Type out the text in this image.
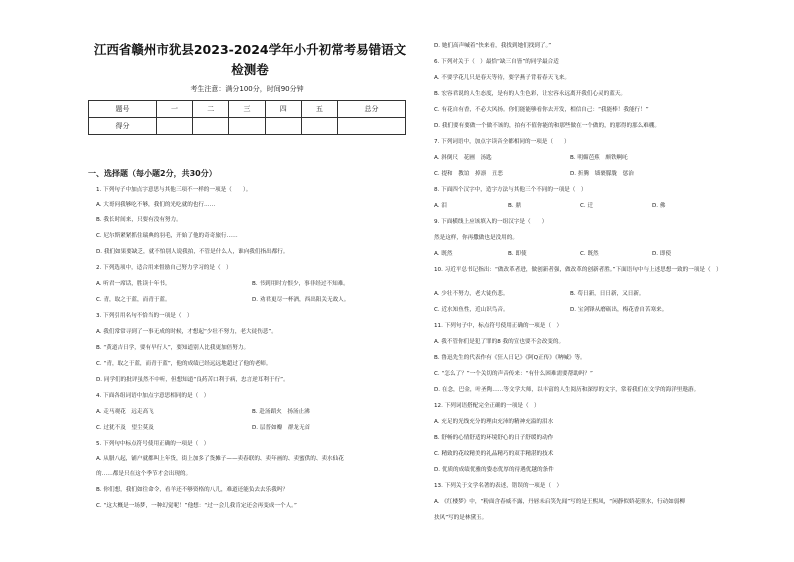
江西省赣州市犹县2023-2024学年小升初常考易错语文检测卷
考生注意：满分100分，时间90分钟
题号	一	二	三	四	五	总分
得分						
一、选择题（每小题2分，共30分）
1. 下列句子中加点字意思与其他三项不一样的一项是（　　）。
A. 大哥问我够吃不够，我们的光吃就的也行……
B. 我长时间来，只要有没有努力。
C. 尼尔斯紧紧抓住瑞典的羽毛，开始了他的奇奇旅行……
D. 我们如果要缺乏，就不怕别人说我拍，不管是什么人，谁向我们指出都行。
2. 下列选项中，适合用来督励自己努力学习的是（　）
A. 听君一席话，胜读十年书。	B. 书到用时方恨少，事非经过不知难。
C. 青，取之于蓝，而青于蓝。	D. 劝君更尽一杯酒，西出阳关无故人。
3. 下列引用名句不恰当的一项是（　）
A. 我们常常寻到了一事无成的时候，才想起“少壮不努力，老大徒伤悲”。
B. “黄道吉日学，要有早行人”，要知道别人比我更加倍努力。
C. “青，取之于蓝，而青于蓝”，他的成绩已经远远地超过了他的老师。
D. 同学们的批评虽然不中听，但想知道“良药苦口利于病，忠言逆耳利于行”。
4. 下面各组词语中加点字意思相同的是（　）
A. 走马观花　远走高飞	B. 赴汤蹈火　扬汤止沸
C. 过犹不及　望尘莫及	D. 层普如瓣　群龙无首
5. 下列句中标点符号使用正确的一项是（　）
A. 从腊八起，铺户就都叫上年货，街上加多了货摊子——卖春联的、卖年画的、卖蜜供的、卖水仙花
的……都是只在这个季节才会出现的。
B. 你们想，我们如往命令，看羊还不够资格的八儿，难道还能负去去乐我吗？
C. “这大概是一场梦，一种幻觉呢！”他想：“过一会儿我肯定还会再变成一个人。”
D. 她们高声喊着“快来看，我找到她们找到了。”
6. 下列对关于（　）最恰“缺三自皆”的同学最合适
A. 不要学花儿只是春天等待，要学燕子背着春天飞来。
B. 宏容君说的人生态度，是有的人生色彩，让宏容永远离开我们心灵的蓝天。
C. 有花自有香，不必大风扬。你们能能够看你去开发，相信自己：“我能棒！我能行！”
D. 我们要有要做一个做不该的，拍有不值你能的和那些做在一个做的，的那得的那么难棚。
7. 下列词语中，加点字读音全都相同的一项是（　　）
A. 斜倒尺　花圃　汤匙	B. 明媚芭蕉　颇铁啊吒
C. 提和　教谊　掉凛　丑恶	D. 折腾　墙裹朦胧　惩治
8. 下面四个汉字中，造字方法与其他三个不同的一项是（　）
A. 泪	B. 鼎	C. 迁	D. 佛
9. 下面横线上应该填入的一组汉字是（　　）
然是这样，你再撒做也是没用的。
A. 既然	B. 即使	C. 既然	D. 即使
10. 习近平总书记指出：“做改革者进，做创新者强，做改革的创新者胜。”下面语句中与上述思想一致的一项是（　）
A. 少壮不努力，老大徒伤悲。	B. 苟日新，日日新，又日新。
C. 近水知鱼性，近山识鸟音。	D. 宝剑锋从磨砺出，梅花香自苦寒来。
11. 下列句子中，标点符号使用正确的一项是（　）
A. 我不管你们是犯了罪的8 我的宣也要不会改变的。
B. 鲁迅先生的代表作有《狂人日记》《阿Q正传》《呐喊》等。
C. “怎么了？”一个关切的声音传来：“有什么困难需要帮助吗？”
D. 在念，巴金，叶圣陶……等文学大师，以丰富的人生阅历和深厚的文字，常着我们在文学的海洋里遨游。
12. 下列词语搭配完全正确的一项是（　）
A. 充足的光线充分的理由充沛的精神充溢的泪水
B. 舒畅的心情舒适的环境舒心的日子舒缓的动作
C. 精致的花纹精美的礼品精巧的双手精湛的技术
D. 优质的成绩优雅的姿态优厚的待遇优越的条件
13. 下列关于文学名著的表述，错误的一项是（　）
A. 《红楼梦》中，“粉面含春威不露，丹唇未启笑先闻”写的是王熙凤，“闲静似娇花照水，行动如弱柳
扶风”写的是林黛玉。
